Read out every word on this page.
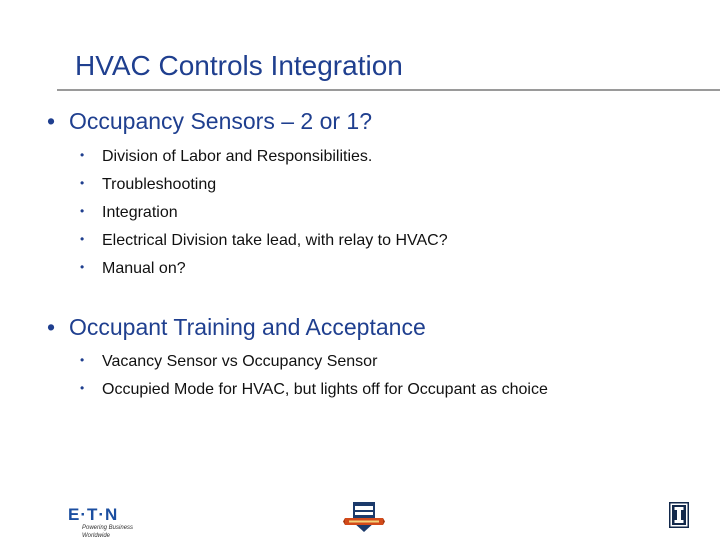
HVAC Controls Integration
• Occupancy Sensors – 2 or 1?
• Division of Labor and Responsibilities.
• Troubleshooting
• Integration
• Electrical Division take lead, with relay to HVAC?
• Manual on?
• Occupant Training and Acceptance
• Vacancy Sensor vs Occupancy Sensor
• Occupied Mode for HVAC, but lights off for Occupant as choice
E·T·N
Powering Business Worldwide
